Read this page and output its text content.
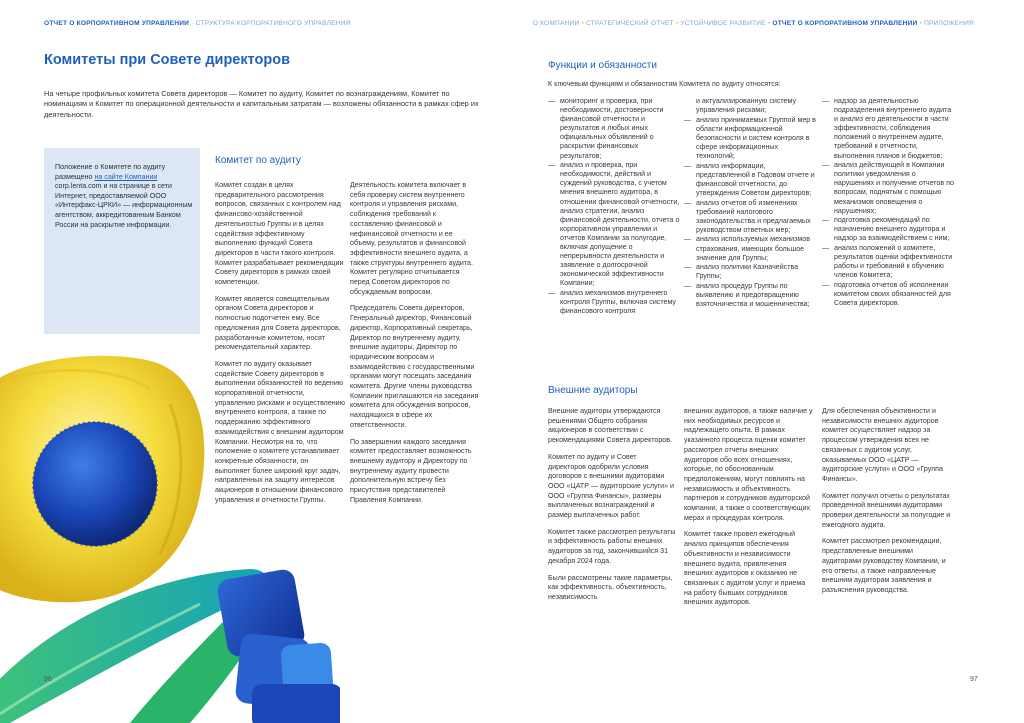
ОТЧЕТ О КОРПОРАТИВНОМ УПРАВЛЕНИИ · СТРУКТУРА КОРПОРАТИВНОГО УПРАВЛЕНИЯ	О КОМПАНИИ • СТРАТЕГИЧЕСКИЙ ОТЧЕТ • УСТОЙЧИВОЕ РАЗВИТИЕ • ОТЧЕТ О КОРПОРАТИВНОМ УПРАВЛЕНИИ • ПРИЛОЖЕНИЯ
Комитеты при Совете директоров
На четыре профильных комитета Совета директоров — Комитет по аудиту, Комитет по вознаграждениям, Комитет по номинациям и Комитет по операционной деятельности и капитальным затратам — возложены обязанности в рамках сфер их деятельности.
Положение о Комитете по аудиту размещено на сайте Компании corp.lenta.com и на странице в сети Интернет, предоставляемой ООО «Интерфакс-ЦРКИ» — информационным агентством, аккредитованным Банком России на раскрытие информации.
Комитет по аудиту

Комитет создан в целях предварительного рассмотрения вопросов, связанных с контролем над финансово-хозяйственной деятельностью Группы и в целях содействия эффективному выполнению функций Совета директоров в части такого контроля. Комитет разрабатывает рекомендации Совету директоров в рамках своей компетенции.

Комитет является совещательным органом Совета директоров и полностью подотчетен ему. Все предложения для Совета директоров, разработанные комитетом, носят рекомендательный характер.

Комитет по аудиту оказывает содействие Совету директоров в выполнении обязанностей по ведению корпоративной отчетности, управлению рисками и осуществлению внутреннего контроля, а также по поддержанию эффективного взаимодействия с внешним аудитором Компании. Несмотря на то, что положение о комитете устанавливает конкретные обязанности, он выполняет более широкий круг задач, направленных на защиту интересов акционеров в отношении финансового управления и отчетности Группы.

Деятельность комитета включает в себя проверку систем внутреннего контроля и управления рисками, соблюдения требований к составлению финансовой и нефинансовой отчетности и ее объему, результатов и финансовой эффективности внешнего аудита, а также структуры внутреннего аудита. Комитет регулярно отчитывается перед Советом директоров по обсуждаемым вопросам.

Председатель Совета директоров, Генеральный директор, Финансовый директор, Корпоративный секретарь, Директор по внутреннему аудиту, внешние аудиторы, Директор по юридическим вопросам и взаимодействию с государственными органами могут посещать заседания комитета. Другие члены руководства Компании приглашаются на заседания комитета для обсуждения вопросов, находящихся в сфере их ответственности.

По завершении каждого заседания комитет предоставляет возможность внешнему аудитору и Директору по внутреннему аудиту провести дополнительную встречу без присутствия представителей Правления Компании.

96
Функции и обязанности
К ключевым функциям и обязанностям Комитета по аудиту относятся:
— мониторинг и проверка, при необходимости, достоверности финансовой отчетности и результатов и любых иных официальных объявлений о раскрытии финансовых результатов;
— анализ и проверка, при необходимости, действий и суждений руководства, с учетом мнения внешнего аудитора, в отношении финансовой отчетности, анализ стратегии, анализ финансовой деятельности, отчета о корпоративном управлении и отчетов Компании за полугодие, включая допущение о непрерывности деятельности и заявление о долгосрочной экономической эффективности Компании;
— анализ механизмов внутреннего контроля Группы, включая систему финансового контроля
и актуализированную систему управления рисками;
— анализ принимаемых Группой мер в области информационной безопасности и систем контроля в сфере информационных технологий;
— анализ информации, представленной в Годовом отчете и финансовой отчетности, до утверждения Советом директоров;
— анализ отчетов об изменениях требований налогового законодательства и предлагаемых руководством ответных мер;
— анализ используемых механизмов страхования, имеющих большое значение для Группы;
— анализ политики Казначейства Группы;
— анализ процедур Группы по выявлению и предотвращению взяточничества и мошенничества;
— надзор за деятельностью подразделения внутреннего аудита и анализ его деятельности в части эффективности, соблюдения положений о внутреннем аудите, требований к отчетности, выполнения планов и бюджетов;
— анализ действующей в Компании политики уведомления о нарушениях и получение отчетов по вопросам, поднятым с помощью механизмов оповещения о нарушениях;
— подготовка рекомендаций по назначению внешнего аудитора и надзор за взаимодействием с ним;
— анализ положений о комитете, результатов оценки эффективности работы и требований к обучению членов Комитета;
— подготовка отчетов об исполнении комитетом своих обязанностей для Совета директоров.
Внешние аудиторы

Внешние аудиторы утверждаются решениями Общего собрания акционеров в соответствии с рекомендациями Совета директоров.

Комитет по аудиту и Совет директоров одобрили условия договоров с внешними аудиторами ООО «ЦАТР — аудиторские услуги» и ООО «Группа Финансы», размеры выплаченных вознаграждений и размер выплаченных работ.

Комитет также рассмотрел результаты и эффективность работы внешних аудиторов за год, закончившийся 31 декабря 2024 года.

Были рассмотрены такие параметры, как эффективность, объективность, независимость

внешних аудиторов, а также наличие у них необходимых ресурсов и надлежащего опыта. В рамках указанного процесса оценки комитет рассмотрел отчеты внешних аудиторов обо всех отношениях, которые, по обоснованным предположениям, могут повлиять на независимость и объективность партнеров и сотрудников аудиторской компании, а также о соответствующих мерах и процедурах контроля.

Комитет также провел ежегодный анализ принципов обеспечения объективности и независимости внешнего аудита, привлечения внешних аудиторов к оказанию не связанных с аудитом услуг и приема на работу бывших сотрудников внешних аудиторов.

Для обеспечения объективности и независимости внешних аудиторов комитет осуществляет надзор за процессом утверждения всех не связанных с аудитом услуг, оказываемых ООО «ЦАТР — аудиторские услуги» и ООО «Группа Финансы».

Комитет получил отчеты о результатах проведенной внешними аудиторами проверки деятельности за полугодие и ежегодного аудита.

Комитет рассмотрел рекомендации, представленные внешними аудиторами руководству Компании, и его ответы, а также направленные внешним аудиторам заявления и разъяснения руководства.

97
